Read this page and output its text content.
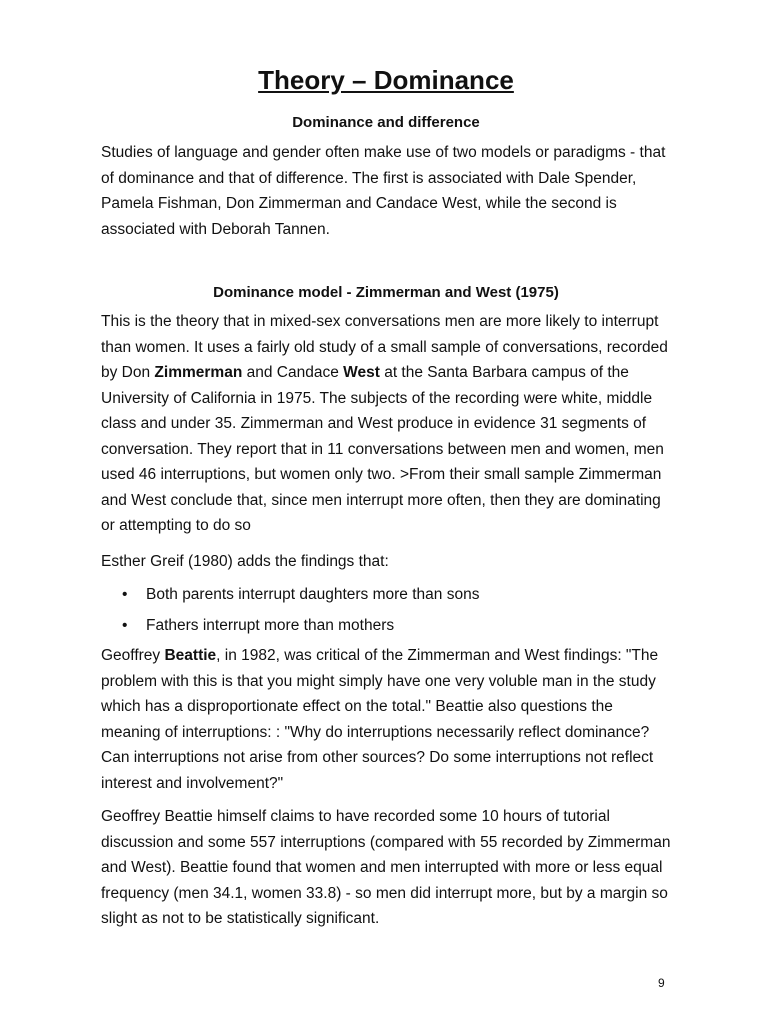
Theory – Dominance
Dominance and difference

Studies of language and gender often make use of two models or paradigms - that of dominance and that of difference. The first is associated with Dale Spender, Pamela Fishman, Don Zimmerman and Candace West, while the second is associated with Deborah Tannen.

Dominance model - Zimmerman and West (1975)

This is the theory that in mixed-sex conversations men are more likely to interrupt than women. It uses a fairly old study of a small sample of conversations, recorded by Don Zimmerman and Candace West at the Santa Barbara campus of the University of California in 1975. The subjects of the recording were white, middle class and under 35. Zimmerman and West produce in evidence 31 segments of conversation. They report that in 11 conversations between men and women, men used 46 interruptions, but women only two. >From their small sample Zimmerman and West conclude that, since men interrupt more often, then they are dominating or attempting to do so

Esther Greif (1980) adds the findings that:

• Both parents interrupt daughters more than sons
• Fathers interrupt more than mothers

Geoffrey Beattie, in 1982, was critical of the Zimmerman and West findings: "The problem with this is that you might simply have one very voluble man in the study which has a disproportionate effect on the total." Beattie also questions the meaning of interruptions: : "Why do interruptions necessarily reflect dominance? Can interruptions not arise from other sources? Do some interruptions not reflect interest and involvement?"

Geoffrey Beattie himself claims to have recorded some 10 hours of tutorial discussion and some 557 interruptions (compared with 55 recorded by Zimmerman and West). Beattie found that women and men interrupted with more or less equal frequency (men 34.1, women 33.8) - so men did interrupt more, but by a margin so slight as not to be statistically significant.

9
